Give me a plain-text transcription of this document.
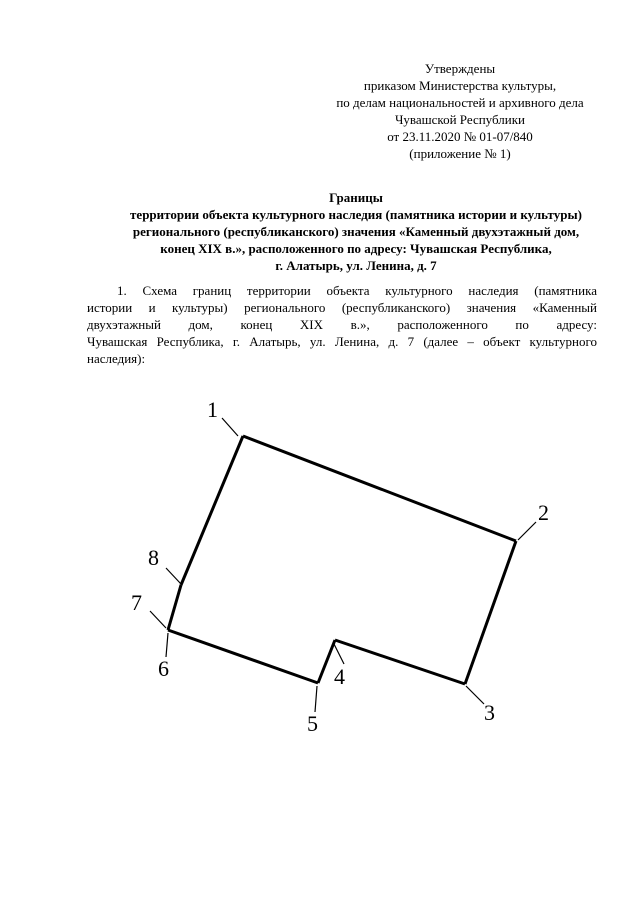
Утверждены
приказом Министерства культуры,
по делам национальностей и архивного дела
Чувашской Республики
от 23.11.2020 № 01-07/840
(приложение № 1)
Границы
территории объекта культурного наследия (памятника истории и культуры)
регионального (республиканского) значения «Каменный двухэтажный дом,
конец XIX в.», расположенного по адресу: Чувашская Республика,
г. Алатырь, ул. Ленина, д. 7
1. Схема границ территории объекта культурного наследия (памятника
истории и культуры) регионального (республиканского) значения «Каменный
двухэтажный дом, конец XIX в.», расположенного по адресу:
Чувашская Республика, г. Алатырь, ул. Ленина, д. 7 (далее – объект культурного
наследия):
1
2
3
4
5
6
7
8
